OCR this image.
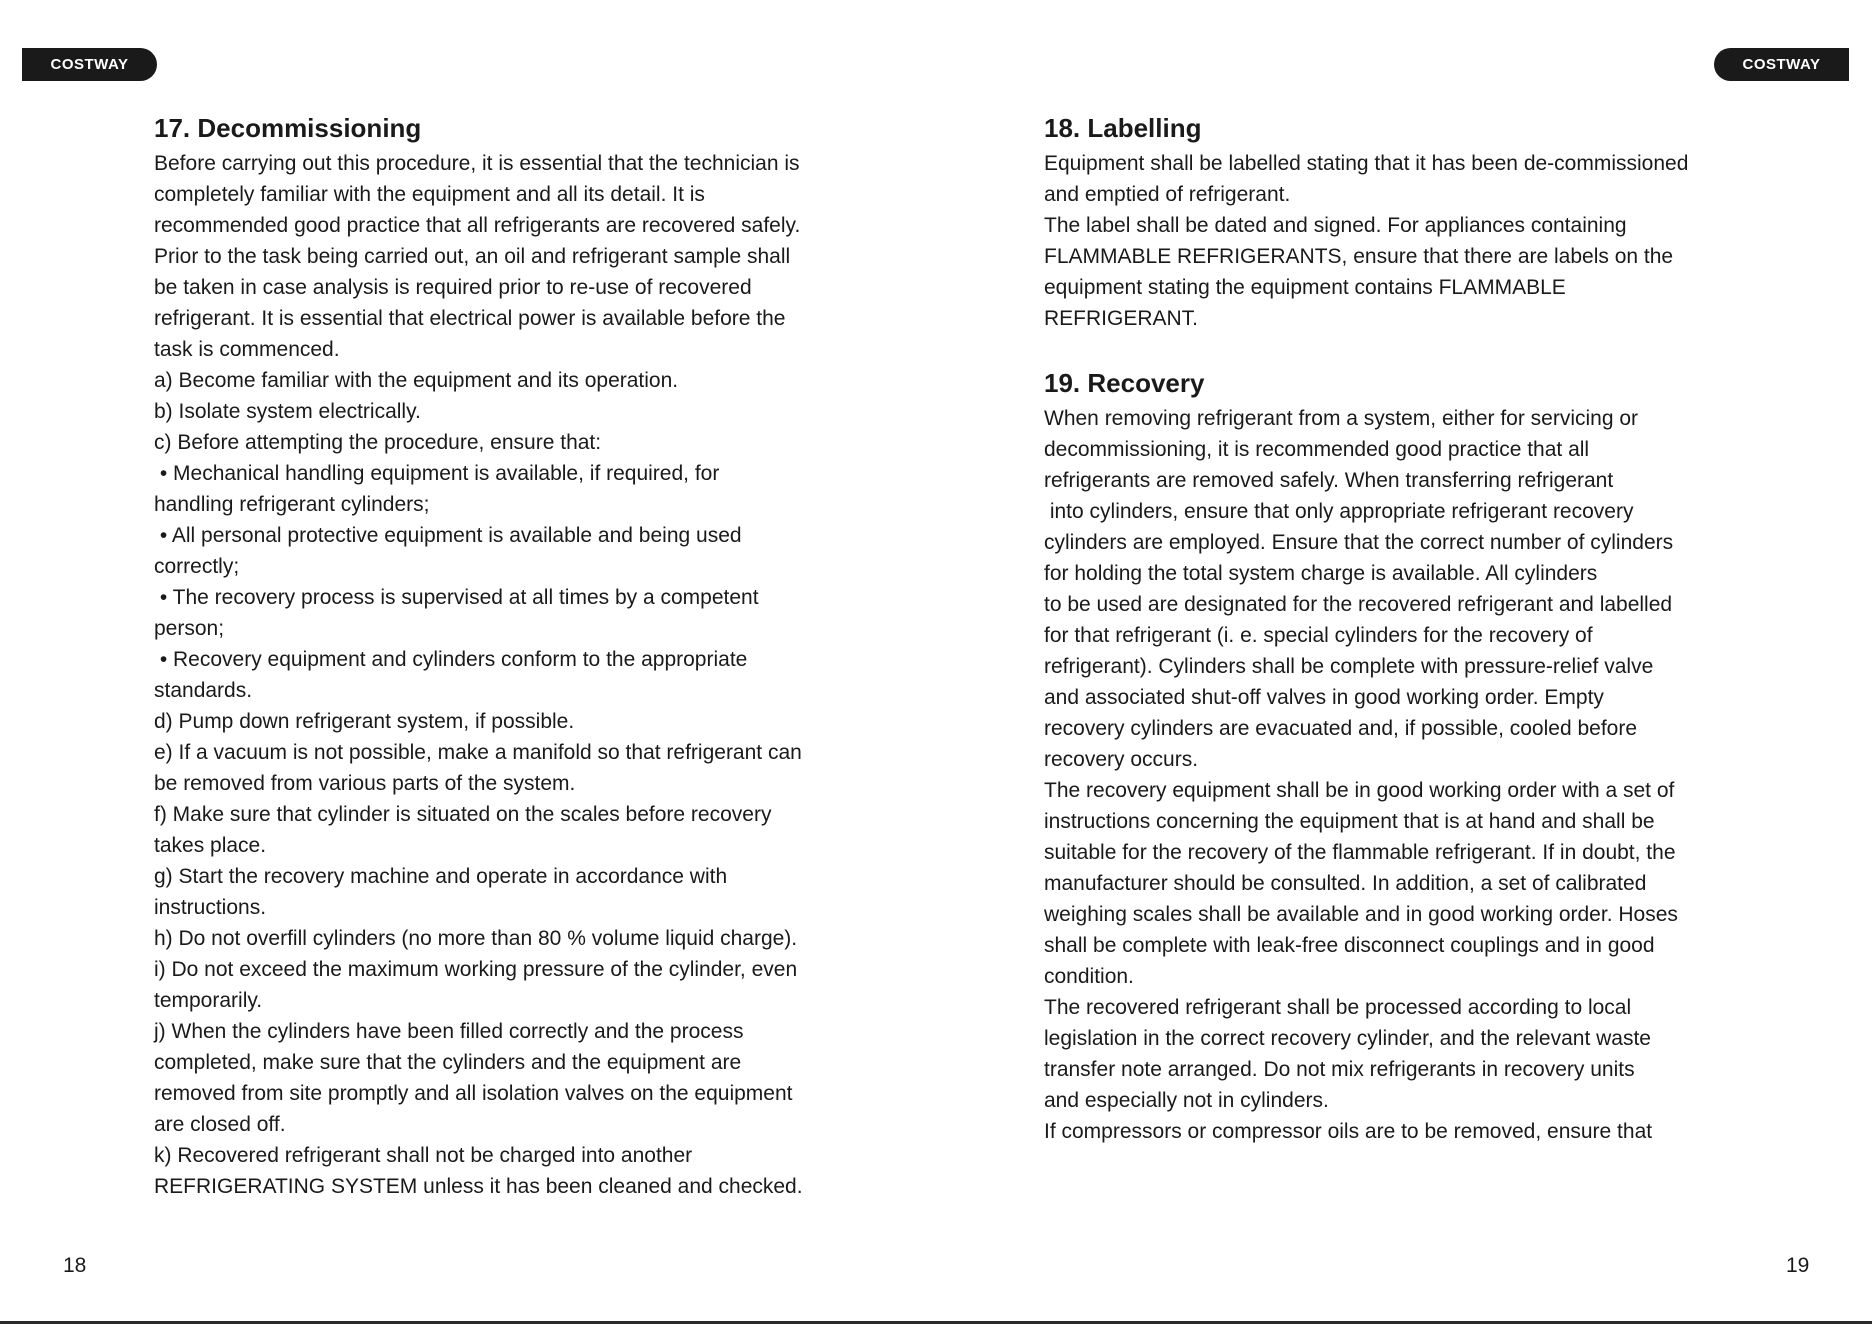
COSTWAY	COSTWAY
17. Decommissioning
Before carrying out this procedure, it is essential that the technician is
completely familiar with the equipment and all its detail. It is
recommended good practice that all refrigerants are recovered safely.
Prior to the task being carried out, an oil and refrigerant sample shall
be taken in case analysis is required prior to re-use of recovered
refrigerant. It is essential that electrical power is available before the
task is commenced.
a) Become familiar with the equipment and its operation.
b) Isolate system electrically.
c) Before attempting the procedure, ensure that:
• Mechanical handling equipment is available, if required, for
handling refrigerant cylinders;
• All personal protective equipment is available and being used
correctly;
• The recovery process is supervised at all times by a competent
person;
• Recovery equipment and cylinders conform to the appropriate
standards.
d) Pump down refrigerant system, if possible.
e) If a vacuum is not possible, make a manifold so that refrigerant can
be removed from various parts of the system.
f) Make sure that cylinder is situated on the scales before recovery
takes place.
g) Start the recovery machine and operate in accordance with
instructions.
h) Do not overfill cylinders (no more than 80 % volume liquid charge).
i) Do not exceed the maximum working pressure of the cylinder, even
temporarily.
j) When the cylinders have been filled correctly and the process
completed, make sure that the cylinders and the equipment are
removed from site promptly and all isolation valves on the equipment
are closed off.
k) Recovered refrigerant shall not be charged into another
REFRIGERATING SYSTEM unless it has been cleaned and checked.
18. Labelling
Equipment shall be labelled stating that it has been de-commissioned
and emptied of refrigerant.
The label shall be dated and signed. For appliances containing
FLAMMABLE REFRIGERANTS, ensure that there are labels on the
equipment stating the equipment contains FLAMMABLE
REFRIGERANT.
19. Recovery
When removing refrigerant from a system, either for servicing or
decommissioning, it is recommended good practice that all
refrigerants are removed safely. When transferring refrigerant
into cylinders, ensure that only appropriate refrigerant recovery
cylinders are employed. Ensure that the correct number of cylinders
for holding the total system charge is available. All cylinders
to be used are designated for the recovered refrigerant and labelled
for that refrigerant (i. e. special cylinders for the recovery of
refrigerant). Cylinders shall be complete with pressure-relief valve
and associated shut-off valves in good working order. Empty
recovery cylinders are evacuated and, if possible, cooled before
recovery occurs.
The recovery equipment shall be in good working order with a set of
instructions concerning the equipment that is at hand and shall be
suitable for the recovery of the flammable refrigerant. If in doubt, the
manufacturer should be consulted. In addition, a set of calibrated
weighing scales shall be available and in good working order. Hoses
shall be complete with leak-free disconnect couplings and in good
condition.
The recovered refrigerant shall be processed according to local
legislation in the correct recovery cylinder, and the relevant waste
transfer note arranged. Do not mix refrigerants in recovery units
and especially not in cylinders.
If compressors or compressor oils are to be removed, ensure that
18	19
